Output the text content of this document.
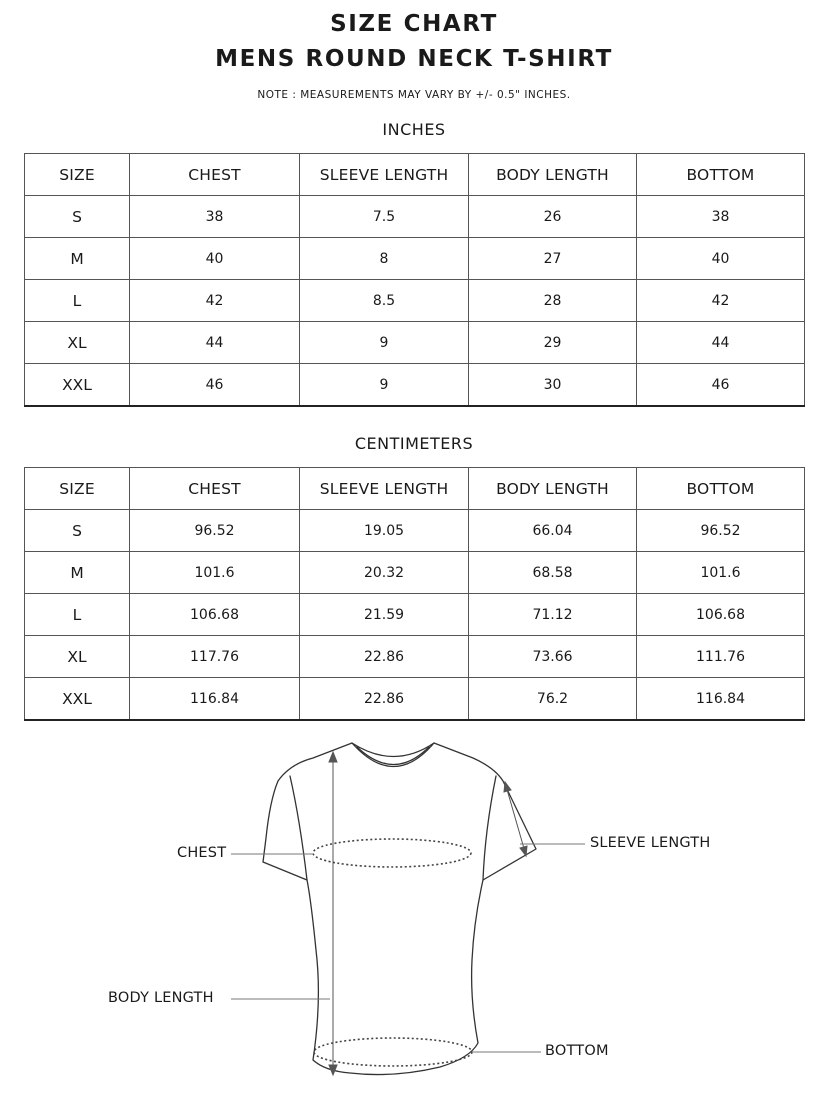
SIZE CHART
MENS ROUND NECK T-SHIRT
NOTE : MEASUREMENTS MAY VARY BY +/- 0.5" INCHES.
INCHES
SIZE	CHEST	SLEEVE LENGTH	BODY LENGTH	BOTTOM
S	38	7.5	26	38
M	40	8	27	40
L	42	8.5	28	42
XL	44	9	29	44
XXL	46	9	30	46
CENTIMETERS
SIZE	CHEST	SLEEVE LENGTH	BODY LENGTH	BOTTOM
S	96.52	19.05	66.04	96.52
M	101.6	20.32	68.58	101.6
L	106.68	21.59	71.12	106.68
XL	117.76	22.86	73.66	111.76
XXL	116.84	22.86	76.2	116.84
CHEST
SLEEVE LENGTH
BODY LENGTH
BOTTOM
